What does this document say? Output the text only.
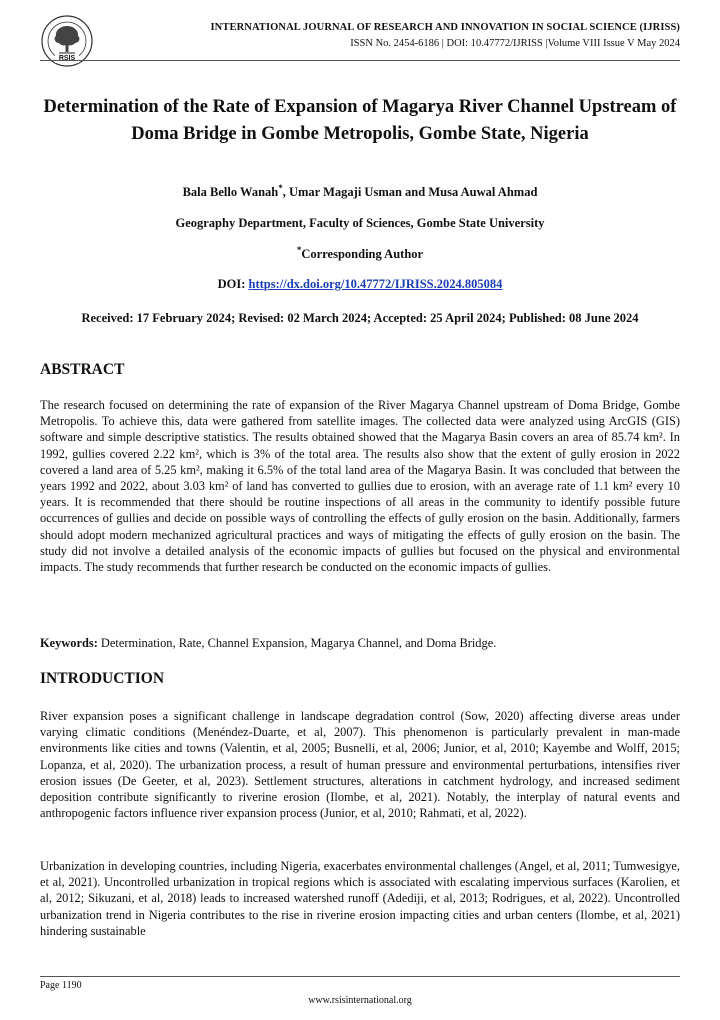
RSIS
INTERNATIONAL JOURNAL OF RESEARCH AND INNOVATION IN SOCIAL SCIENCE (IJRISS)
ISSN No. 2454-6186 | DOI: 10.47772/IJRISS |Volume VIII Issue V May 2024
Determination of the Rate of Expansion of Magarya River Channel Upstream of Doma Bridge in Gombe Metropolis, Gombe State, Nigeria
Bala Bello Wanah*, Umar Magaji Usman and Musa Auwal Ahmad
Geography Department, Faculty of Sciences, Gombe State University
*Corresponding Author
DOI: https://dx.doi.org/10.47772/IJRISS.2024.805084
Received: 17 February 2024; Revised: 02 March 2024; Accepted: 25 April 2024; Published: 08 June 2024
ABSTRACT

The research focused on determining the rate of expansion of the River Magarya Channel upstream of Doma Bridge, Gombe Metropolis. To achieve this, data were gathered from satellite images. The collected data were analyzed using ArcGIS (GIS) software and simple descriptive statistics. The results obtained showed that the Magarya Basin covers an area of 85.74 km². In 1992, gullies covered 2.22 km², which is 3% of the total area. The results also show that the extent of gully erosion in 2022 covered a land area of 5.25 km², making it 6.5% of the total land area of the Magarya Basin. It was concluded that between the years 1992 and 2022, about 3.03 km² of land has converted to gullies due to erosion, with an average rate of 1.1 km² every 10 years. It is recommended that there should be routine inspections of all areas in the community to identify possible future occurrences of gullies and decide on possible ways of controlling the effects of gully erosion on the basin. Additionally, farmers should adopt modern mechanized agricultural practices and ways of mitigating the effects of gully erosion on the basin. The study did not involve a detailed analysis of the economic impacts of gullies but focused on the physical and environmental impacts. The study recommends that further research be conducted on the economic impacts of gullies.

Keywords: Determination, Rate, Channel Expansion, Magarya Channel, and Doma Bridge.
INTRODUCTION

River expansion poses a significant challenge in landscape degradation control (Sow, 2020) affecting diverse areas under varying climatic conditions (Menéndez-Duarte, et al, 2007). This phenomenon is particularly prevalent in man-made environments like cities and towns (Valentin, et al, 2005; Busnelli, et al, 2006; Junior, et al, 2010; Kayembe and Wolff, 2015; Lopanza, et al, 2020). The urbanization process, a result of human pressure and environmental perturbations, intensifies river erosion issues (De Geeter, et al, 2023). Settlement structures, alterations in catchment hydrology, and increased sediment deposition contribute significantly to riverine erosion (Ilombe, et al, 2021). Notably, the interplay of natural events and anthropogenic factors influence river expansion process (Junior, et al, 2010; Rahmati, et al, 2022).

Urbanization in developing countries, including Nigeria, exacerbates environmental challenges (Angel, et al, 2011; Tumwesigye, et al, 2021). Uncontrolled urbanization in tropical regions which is associated with escalating impervious surfaces (Karolien, et al, 2012; Sikuzani, et al, 2018) leads to increased watershed runoff (Adediji, et al, 2013; Rodrigues, et al, 2022). Uncontrolled urbanization trend in Nigeria contributes to the rise in riverine erosion impacting cities and urban centers (Ilombe, et al, 2021) hindering sustainable

Page 1190
www.rsisinternational.org
